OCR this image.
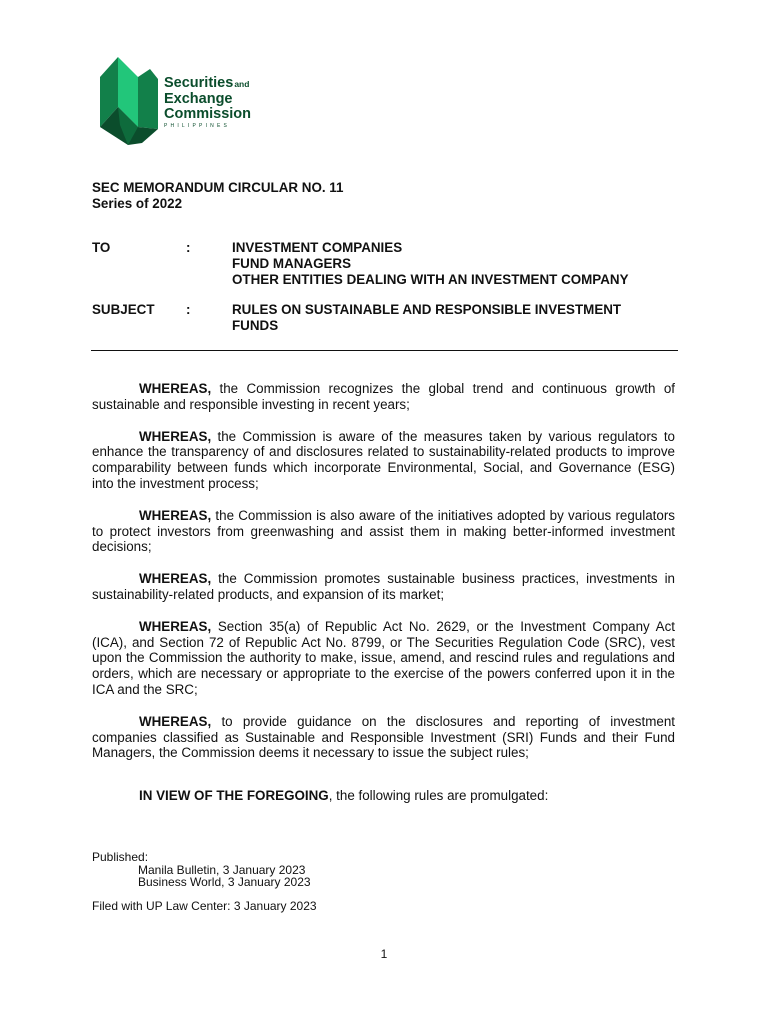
Securitiesand
Exchange
Commission
PHILIPPINES
SEC MEMORANDUM CIRCULAR NO. 11
Series of 2022
TO	:	INVESTMENT COMPANIES
FUND MANAGERS
OTHER ENTITIES DEALING WITH AN INVESTMENT COMPANY
SUBJECT :	RULES ON SUSTAINABLE AND RESPONSIBLE INVESTMENT
FUNDS

WHEREAS, the Commission recognizes the global trend and continuous growth of sustainable and responsible investing in recent years;

WHEREAS, the Commission is aware of the measures taken by various regulators to enhance the transparency of and disclosures related to sustainability-related products to improve comparability between funds which incorporate Environmental, Social, and Governance (ESG) into the investment process;

WHEREAS, the Commission is also aware of the initiatives adopted by various regulators to protect investors from greenwashing and assist them in making better-informed investment decisions;

WHEREAS, the Commission promotes sustainable business practices, investments in sustainability-related products, and expansion of its market;

WHEREAS, Section 35(a) of Republic Act No. 2629, or the Investment Company Act (ICA), and Section 72 of Republic Act No. 8799, or The Securities Regulation Code (SRC), vest upon the Commission the authority to make, issue, amend, and rescind rules and regulations and orders, which are necessary or appropriate to the exercise of the powers conferred upon it in the ICA and the SRC;

WHEREAS, to provide guidance on the disclosures and reporting of investment companies classified as Sustainable and Responsible Investment (SRI) Funds and their Fund Managers, the Commission deems it necessary to issue the subject rules;

IN VIEW OF THE FOREGOING, the following rules are promulgated:

Published:
Manila Bulletin, 3 January 2023
Business World, 3 January 2023
Filed with UP Law Center: 3 January 2023
1
